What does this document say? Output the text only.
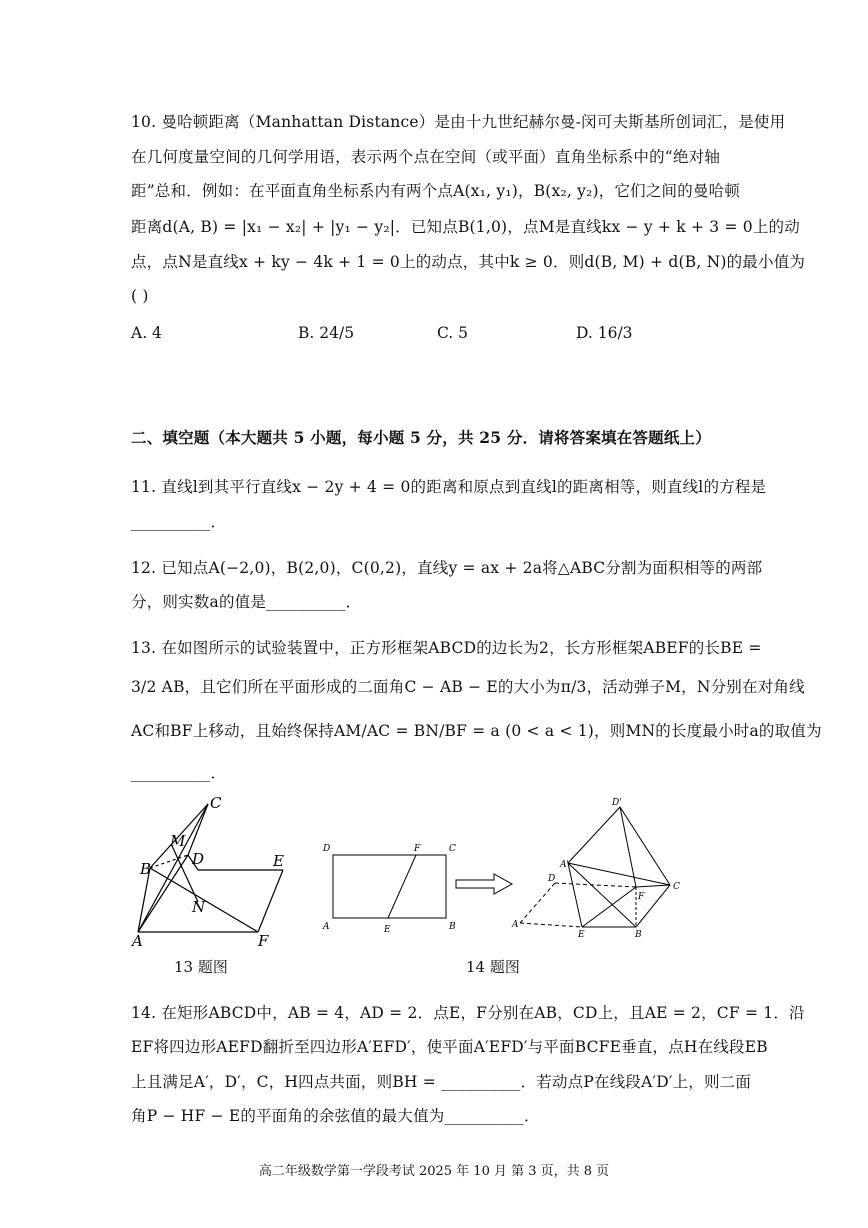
10. 曼哈顿距离（Manhattan Distance）是由十九世纪赫尔曼-闵可夫斯基所创词汇，是使用
在几何度量空间的几何学用语，表示两个点在空间（或平面）直角坐标系中的“绝对轴
距”总和．例如：在平面直角坐标系内有两个点A(x₁, y₁)，B(x₂, y₂)，它们之间的曼哈顿
距离d(A, B) = |x₁ − x₂| + |y₁ − y₂|．已知点B(1,0)，点M是直线kx − y + k + 3 = 0上的动
点，点N是直线x + ky − 4k + 1 = 0上的动点，其中k ≥ 0．则d(B, M) + d(B, N)的最小值为
( )
A. 4	B. 24/5	C. 5	D. 16/3
二、填空题（本大题共 5 小题，每小题 5 分，共 25 分．请将答案填在答题纸上）
11. 直线l到其平行直线x − 2y + 4 = 0的距离和原点到直线l的距离相等，则直线l的方程是
__________．
12. 已知点A(−2,0)，B(2,0)，C(0,2)，直线y = ax + 2a将△ABC分割为面积相等的两部
分，则实数a的值是__________．
13. 在如图所示的试验装置中，正方形框架ABCD的边长为2，长方形框架ABEF的长BE =
3/2 AB，且它们所在平面形成的二面角C − AB − E的大小为π/3，活动弹子M，N分别在对角线
AC和BF上移动，且始终保持AM/AC = BN/BF = a (0 < a < 1)，则MN的长度最小时a的取值为
__________．
C
M
D	E
B
N
A	F
13 题图
D	F	C
A	E	B
D'
A'
D
F
C
A
E	B
14 题图
14. 在矩形ABCD中，AB = 4，AD = 2．点E，F分别在AB，CD上，且AE = 2，CF = 1．沿
EF将四边形AEFD翻折至四边形A′EFD′，使平面A′EFD′与平面BCFE垂直，点H在线段EB
上且满足A′，D′，C，H四点共面，则BH = __________．若动点P在线段A′D′上，则二面
角P − HF − E的平面角的余弦值的最大值为__________．
高二年级数学第一学段考试 2025 年 10 月 第 3 页，共 8 页
